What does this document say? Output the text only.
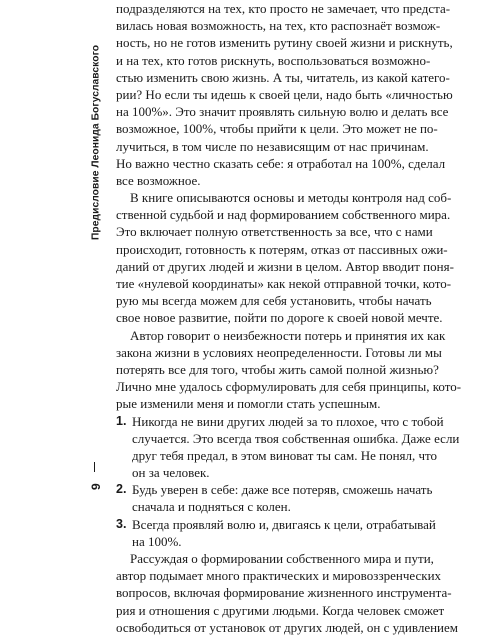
Предисловие Леонида Богуславского
9
подразделяются на тех, кто просто не замечает, что предста-
вилась новая возможность, на тех, кто распознаёт возмож-
ность, но не готов изменить рутину своей жизни и рискнуть,
и на тех, кто готов рискнуть, воспользоваться возможно-
стью изменить свою жизнь. А ты, читатель, из какой катего-
рии? Но если ты идешь к своей цели, надо быть «личностью
на 100%». Это значит проявлять сильную волю и делать все
возможное, 100%, чтобы прийти к цели. Это может не по-
лучиться, в том числе по независящим от нас причинам.
Но важно честно сказать себе: я отработал на 100%, сделал
все возможное.
В книге описываются основы и методы контроля над соб-
ственной судьбой и над формированием собственного мира.
Это включает полную ответственность за все, что с нами
происходит, готовность к потерям, отказ от пассивных ожи-
даний от других людей и жизни в целом. Автор вводит поня-
тие «нулевой координаты» как некой отправной точки, кото-
рую мы всегда можем для себя установить, чтобы начать
свое новое развитие, пойти по дороге к своей новой мечте.
Автор говорит о неизбежности потерь и принятия их как
закона жизни в условиях неопределенности. Готовы ли мы
потерять все для того, чтобы жить самой полной жизнью?
Лично мне удалось сформулировать для себя принципы, кото-
рые изменили меня и помогли стать успешным.
1. Никогда не вини других людей за то плохое, что с тобой
случается. Это всегда твоя собственная ошибка. Даже если
друг тебя предал, в этом виноват ты сам. Не понял, что
он за человек.
2. Будь уверен в себе: даже все потеряв, сможешь начать
сначала и подняться с колен.
3. Всегда проявляй волю и, двигаясь к цели, отрабатывай
на 100%.
Рассуждая о формировании собственного мира и пути,
автор подымает много практических и мировоззренческих
вопросов, включая формирование жизненного инструмента-
рия и отношения с другими людьми. Когда человек сможет
освободиться от установок от других людей, он с удивлением
